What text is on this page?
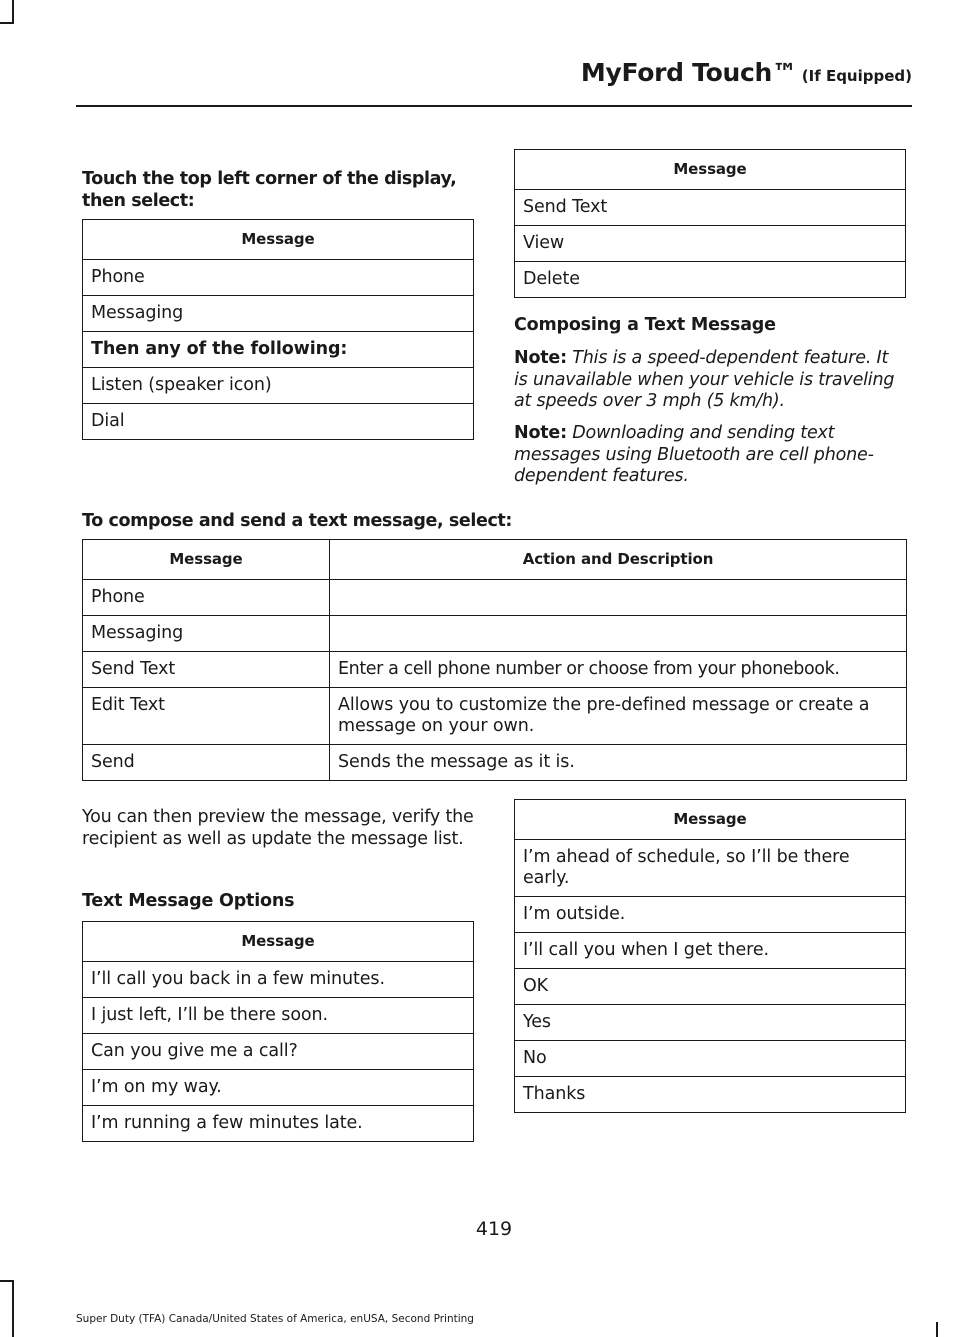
MyFord Touch™ (If Equipped)
Touch the top left corner of the display, then select:
Message
Phone
Messaging
Then any of the following:
Listen (speaker icon)
Dial
Message
Send Text
View
Delete
Composing a Text Message
Note: This is a speed-dependent feature. It is unavailable when your vehicle is traveling at speeds over 3 mph (5 km/h).
Note: Downloading and sending text messages using Bluetooth are cell phone-dependent features.
To compose and send a text message, select:
Message	Action and Description
Phone	
Messaging	
Send Text	Enter a cell phone number or choose from your phonebook.
Edit Text	Allows you to customize the pre-defined message or create a message on your own.
Send	Sends the message as it is.
You can then preview the message, verify the recipient as well as update the message list.
Text Message Options
Message
I’ll call you back in a few minutes.
I just left, I’ll be there soon.
Can you give me a call?
I’m on my way.
I’m running a few minutes late.
Message
I’m ahead of schedule, so I’ll be there early.
I’m outside.
I’ll call you when I get there.
OK
Yes
No
Thanks
419
Super Duty (TFA) Canada/United States of America, enUSA, Second Printing
